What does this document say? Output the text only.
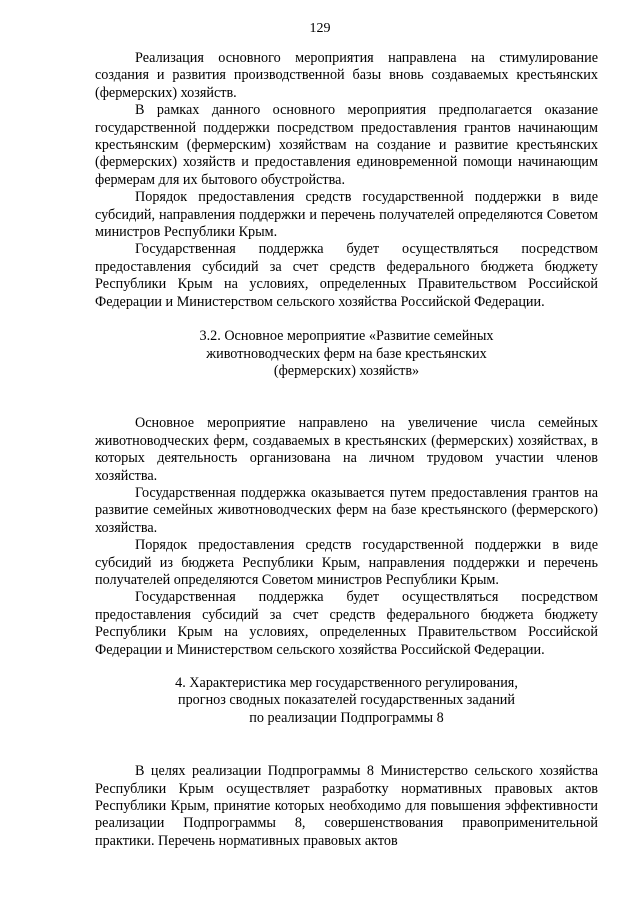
129

Реализация основного мероприятия направлена на стимулирование создания и развития производственной базы вновь создаваемых крестьянских (фермерских) хозяйств.

В рамках данного основного мероприятия предполагается оказание государственной поддержки посредством предоставления грантов начинающим крестьянским (фермерским) хозяйствам на создание и развитие крестьянских (фермерских) хозяйств и предоставления единовременной помощи начинающим фермерам для их бытового обустройства.

Порядок предоставления средств государственной поддержки в виде субсидий, направления поддержки и перечень получателей определяются Советом министров Республики Крым.

Государственная поддержка будет осуществляться посредством предоставления субсидий за счет средств федерального бюджета бюджету Республики Крым на условиях, определенных Правительством Российской Федерации и Министерством сельского хозяйства Российской Федерации.

3.2. Основное мероприятие «Развитие семейных
животноводческих ферм на базе крестьянских
(фермерских) хозяйств»

Основное мероприятие направлено на увеличение числа семейных животноводческих ферм, создаваемых в крестьянских (фермерских) хозяйствах, в которых деятельность организована на личном трудовом участии членов хозяйства.

Государственная поддержка оказывается путем предоставления грантов на развитие семейных животноводческих ферм на базе крестьянского (фермерского) хозяйства.

Порядок предоставления средств государственной поддержки в виде субсидий из бюджета Республики Крым, направления поддержки и перечень получателей определяются Советом министров Республики Крым.

Государственная поддержка будет осуществляться посредством предоставления субсидий за счет средств федерального бюджета бюджету Республики Крым на условиях, определенных Правительством Российской Федерации и Министерством сельского хозяйства Российской Федерации.

4. Характеристика мер государственного регулирования,
прогноз сводных показателей государственных заданий
по реализации Подпрограммы 8

В целях реализации Подпрограммы 8 Министерство сельского хозяйства Республики Крым осуществляет разработку нормативных правовых актов Республики Крым, принятие которых необходимо для повышения эффективности реализации Подпрограммы 8, совершенствования правоприменительной практики. Перечень нормативных правовых актов
